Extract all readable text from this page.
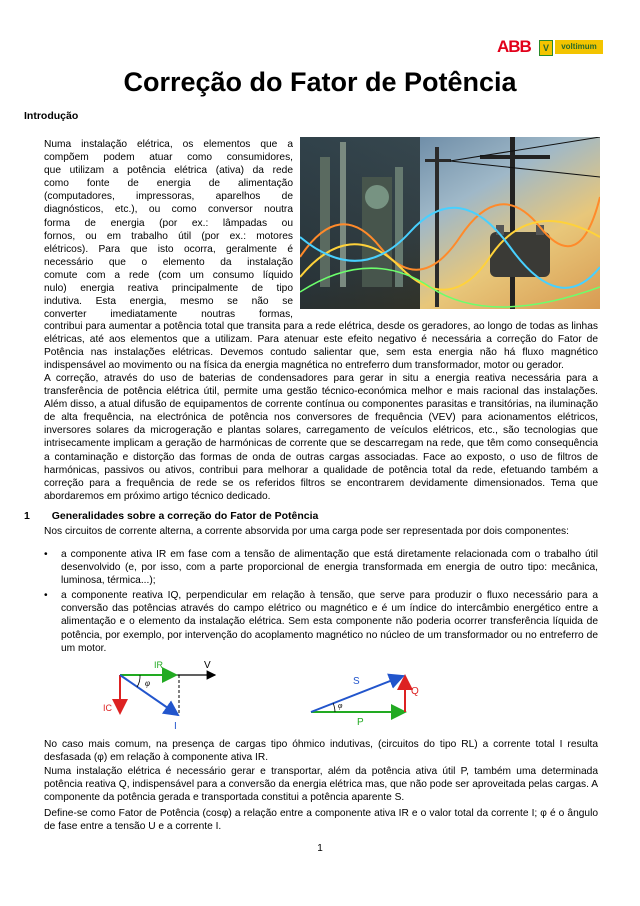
ABB	V	voltimum
Correção do Fator de Potência
Introdução
Numa instalação elétrica, os elementos que a
compõem podem atuar como consumidores,
que utilizam a potência elétrica (ativa) da rede
como fonte de energia de alimentação
(computadores, impressoras, aparelhos de
diagnósticos, etc.), ou como conversor noutra
forma de energia (por ex.: lâmpadas ou
fornos, ou em trabalho útil (por ex.: motores
elétricos). Para que isto ocorra, geralmente é
necessário que o elemento da instalação
comute com a rede (com um consumo líquido
nulo) energia reativa principalmente de tipo
indutiva. Esta energia, mesmo se não se
converter imediatamente noutras formas,

contribui para aumentar a potência total que transita para a rede elétrica, desde os geradores, ao longo de todas as linhas elétricas, até aos elementos que a utilizam. Para atenuar este efeito negativo é necessária a correção do Fator de Potência nas instalações elétricas. Devemos contudo salientar que, sem esta energia não há fluxo magnético indispensável ao movimento ou na física da energia magnética no entreferro dum transformador, motor ou gerador.

A correção, através do uso de baterias de condensadores para gerar in situ a energia reativa necessária para a transferência de potência elétrica útil, permite uma gestão técnico-económica melhor e mais racional das instalações. Além disso, a atual difusão de equipamentos de corrente contínua ou componentes parasitas e transitórias, na iluminação de alta frequência, na electrónica de potência nos conversores de frequência (VEV) para acionamentos elétricos, inversores solares da microgeração e plantas solares, carregamento de veículos elétricos, etc., são tecnologias que intrisecamente implicam a geração de harmónicas de corrente que se descarregam na rede, que têm como consequência a contaminação e distorção das formas de onda de outras cargas associadas. Face ao exposto, o uso de filtros de harmónicas, passivos ou ativos, contribui para melhorar a qualidade de potência total da rede, efetuando também a correção para a frequência de rede se os referidos filtros se encontrarem devidamente dimensionados. Tema que abordaremos em próximo artigo técnico dedicado.

1 Generalidades sobre a correção do Fator de Potência

Nos circuitos de corrente alterna, a corrente absorvida por uma carga pode ser representada por dois componentes:

• a componente ativa IR em fase com a tensão de alimentação que está diretamente relacionada com o trabalho útil desenvolvido (e, por isso, com a parte proporcional de energia transformada em energia de outro tipo: mecânica, luminosa, térmica...);
• a componente reativa IQ, perpendicular em relação à tensão, que serve para produzir o fluxo necessário para a conversão das potências através do campo elétrico ou magnético e é um índice do intercâmbio energético entre a alimentação e o elemento da instalação elétrica. Sem esta componente não poderia ocorrer transferência líquida de potência, por exemplo, por intervenção do acoplamento magnético no núcleo de um transformador ou no entreferro de um motor.
IR	V
φ
IC
I
S
Q
φ
P

No caso mais comum, na presença de cargas tipo óhmico indutivas, (circuitos do tipo RL) a corrente total I resulta desfasada (φ) em relação à componente ativa IR.

Numa instalação elétrica é necessário gerar e transportar, além da potência ativa útil P, também uma determinada potência reativa Q, indispensável para a conversão da energia elétrica mas, que não pode ser aproveitada pelas cargas. A componente da potência gerada e transportada constitui a potência aparente S.

Define-se como Fator de Potência (cosφ) a relação entre a componente ativa IR e o valor total da corrente I; φ é o ângulo de fase entre a tensão U e a corrente I.

1
